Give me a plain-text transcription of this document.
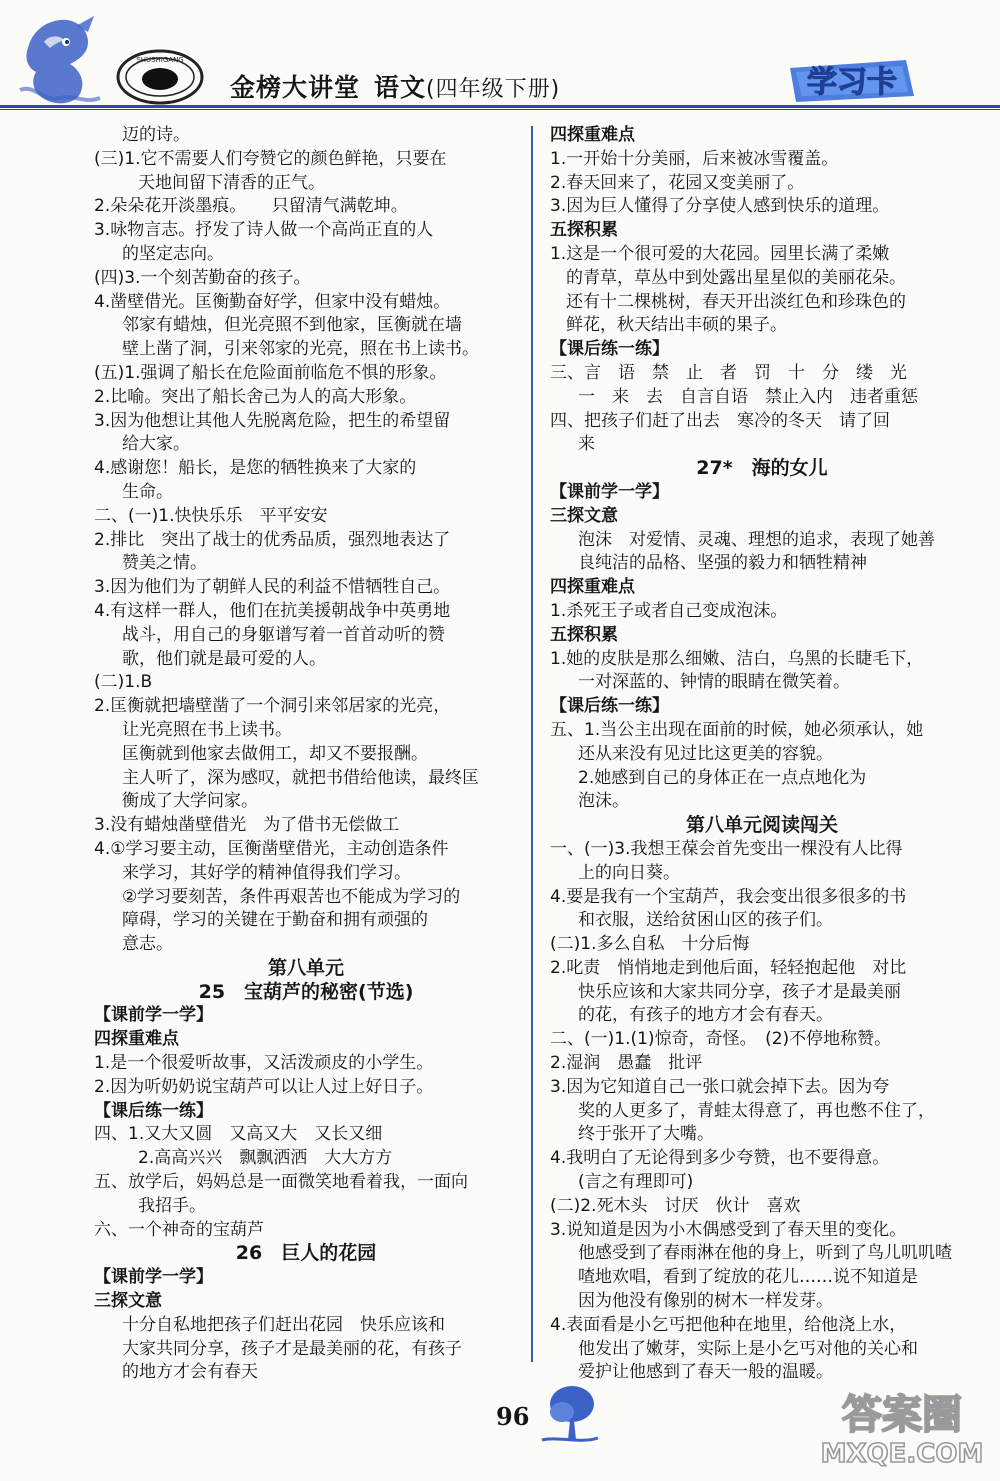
SHUSHIGANG
金榜大讲堂 语文(四年级下册)	学习卡
迈的诗。
(三)1.它不需要人们夸赞它的颜色鲜艳，只要在
天地间留下清香的正气。
2.朵朵花开淡墨痕。　　只留清气满乾坤。
3.咏物言志。抒发了诗人做一个高尚正直的人
的坚定志向。
(四)3.一个刻苦勤奋的孩子。
4.凿壁借光。匡衡勤奋好学，但家中没有蜡烛。
邻家有蜡烛，但光亮照不到他家，匡衡就在墙
壁上凿了洞，引来邻家的光亮，照在书上读书。
(五)1.强调了船长在危险面前临危不惧的形象。
2.比喻。突出了船长舍己为人的高大形象。
3.因为他想让其他人先脱离危险，把生的希望留
给大家。
4.感谢您！船长，是您的牺牲换来了大家的
生命。
二、(一)1.快快乐乐　平平安安
2.排比　突出了战士的优秀品质，强烈地表达了
赞美之情。
3.因为他们为了朝鲜人民的利益不惜牺牲自己。
4.有这样一群人，他们在抗美援朝战争中英勇地
战斗，用自己的身躯谱写着一首首动听的赞
歌，他们就是最可爱的人。
(二)1.B
2.匡衡就把墙壁凿了一个洞引来邻居家的光亮，
让光亮照在书上读书。
匡衡就到他家去做佣工，却又不要报酬。
主人听了，深为感叹，就把书借给他读，最终匡
衡成了大学问家。
3.没有蜡烛凿壁借光　为了借书无偿做工
4.①学习要主动，匡衡凿壁借光，主动创造条件
来学习，其好学的精神值得我们学习。
②学习要刻苦，条件再艰苦也不能成为学习的
障碍，学习的关键在于勤奋和拥有顽强的
意志。
第八单元
25　宝葫芦的秘密(节选)
【课前学一学】
四探重难点
1.是一个很爱听故事，又活泼顽皮的小学生。
2.因为听奶奶说宝葫芦可以让人过上好日子。
【课后练一练】
四、1.又大又圆　又高又大　又长又细
2.高高兴兴　飘飘洒洒　大大方方
五、放学后，妈妈总是一面微笑地看着我，一面向
我招手。
六、一个神奇的宝葫芦
26　巨人的花园
【课前学一学】
三探文意
十分自私地把孩子们赶出花园　快乐应该和
大家共同分享，孩子才是最美丽的花，有孩子
的地方才会有春天
四探重难点
1.一开始十分美丽，后来被冰雪覆盖。
2.春天回来了，花园又变美丽了。
3.因为巨人懂得了分享使人感到快乐的道理。
五探积累
1.这是一个很可爱的大花园。园里长满了柔嫩
的青草，草丛中到处露出星星似的美丽花朵。
还有十二棵桃树，春天开出淡红色和珍珠色的
鲜花，秋天结出丰硕的果子。
【课后练一练】
三、言　语　禁　止　者　罚　十　分　缕　光
一　来　去　自言自语　禁止入内　违者重惩
四、把孩子们赶了出去　寒冷的冬天　请了回
来
27*　海的女儿
【课前学一学】
三探文意
泡沫　对爱情、灵魂、理想的追求，表现了她善
良纯洁的品格、坚强的毅力和牺牲精神
四探重难点
1.杀死王子或者自己变成泡沫。
五探积累
1.她的皮肤是那么细嫩、洁白，乌黑的长睫毛下，
一对深蓝的、钟情的眼睛在微笑着。
【课后练一练】
五、1.当公主出现在面前的时候，她必须承认，她
还从来没有见过比这更美的容貌。
2.她感到自己的身体正在一点点地化为
泡沫。
第八单元阅读闯关
一、(一)3.我想王葆会首先变出一棵没有人比得
上的向日葵。
4.要是我有一个宝葫芦，我会变出很多很多的书
和衣服，送给贫困山区的孩子们。
(二)1.多么自私　十分后悔
2.叱责　悄悄地走到他后面，轻轻抱起他　对比
快乐应该和大家共同分享，孩子才是最美丽
的花，有孩子的地方才会有春天。
二、(一)1.(1)惊奇，奇怪。　(2)不停地称赞。
2.湿润　愚蠢　批评
3.因为它知道自己一张口就会掉下去。因为夸
奖的人更多了，青蛙太得意了，再也憋不住了，
终于张开了大嘴。
4.我明白了无论得到多少夸赞，也不要得意。
(言之有理即可)
(二)2.死木头　讨厌　伙计　喜欢
3.说知道是因为小木偶感受到了春天里的变化。
他感受到了春雨淋在他的身上，听到了鸟儿叽叽喳
喳地欢唱，看到了绽放的花儿……说不知道是
因为他没有像别的树木一样发芽。
4.表面看是小乞丐把他种在地里，给他浇上水，
他发出了嫩芽，实际上是小乞丐对他的关心和
爱护让他感到了春天一般的温暖。
96	答案圈
MXQE.COM
